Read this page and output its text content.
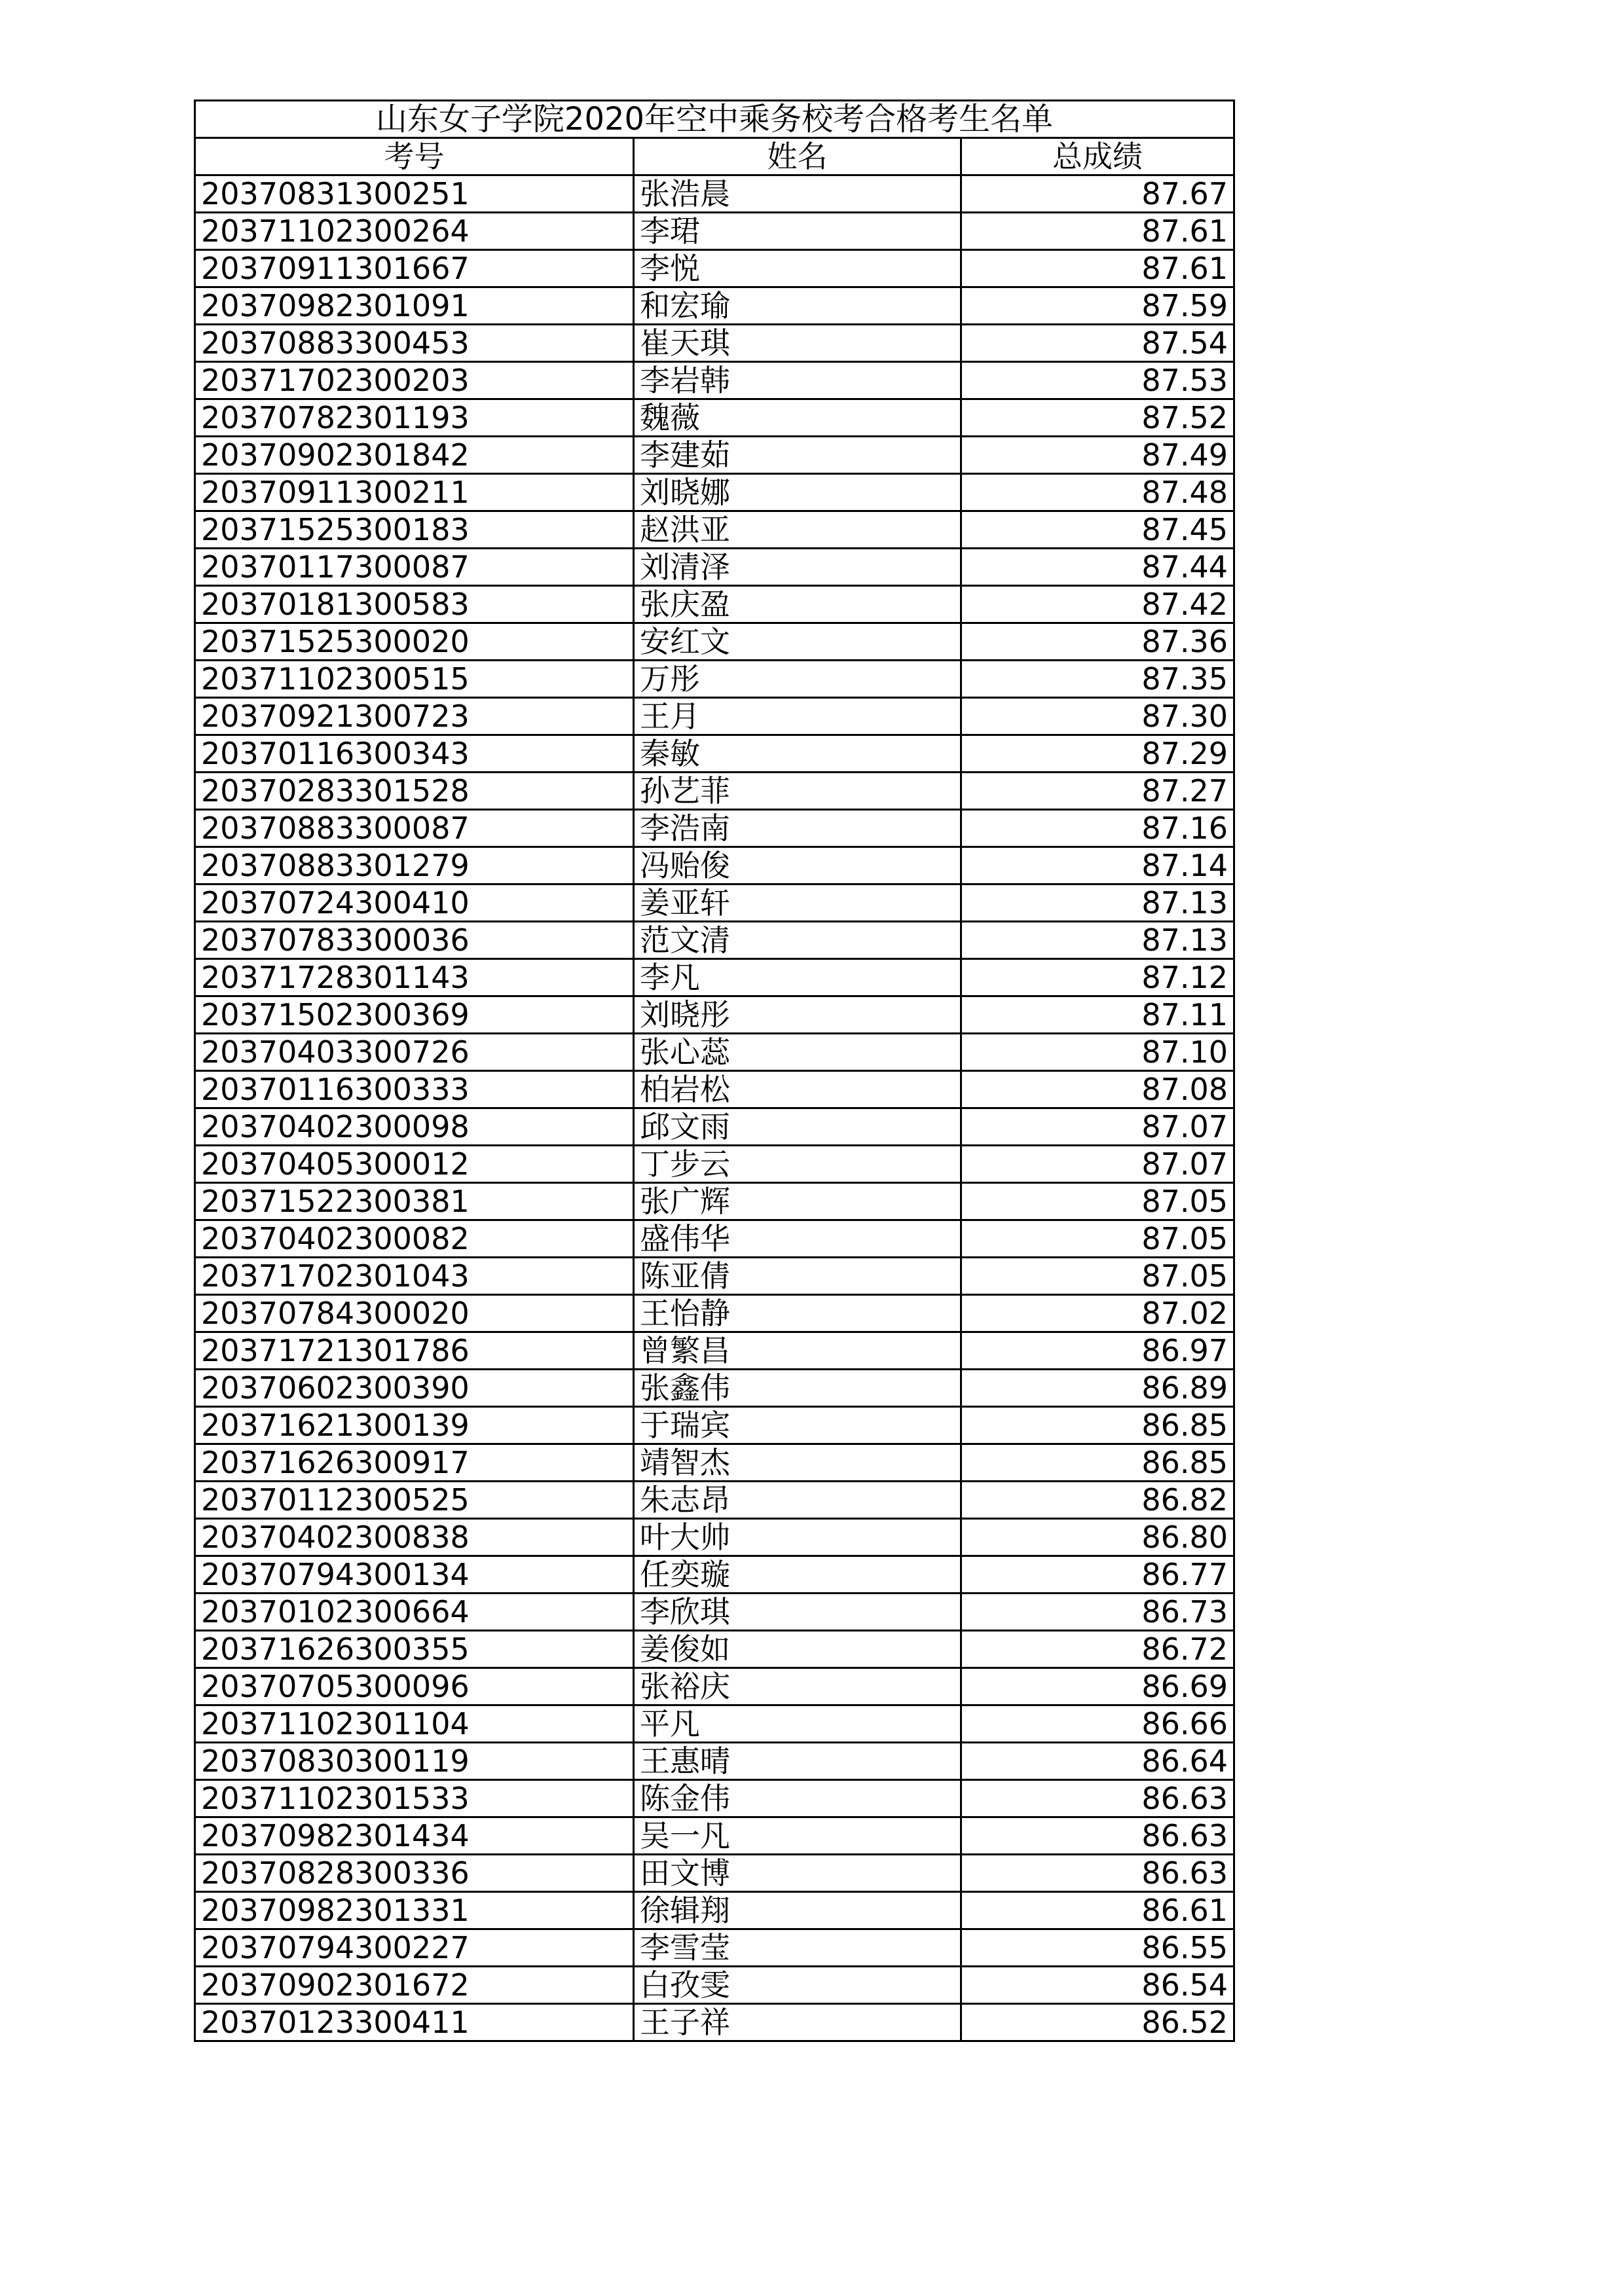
山东女子学院2020年空中乘务校考合格考生名单		
考号	姓名	总成绩
20370831300251	张浩晨	87.67
20371102300264	李珺	87.61
20370911301667	李悦	87.61
20370982301091	和宏瑜	87.59
20370883300453	崔天琪	87.54
20371702300203	李岩韩	87.53
20370782301193	魏薇	87.52
20370902301842	李建茹	87.49
20370911300211	刘晓娜	87.48
20371525300183	赵洪亚	87.45
20370117300087	刘清泽	87.44
20370181300583	张庆盈	87.42
20371525300020	安红文	87.36
20371102300515	万彤	87.35
20370921300723	王月	87.30
20370116300343	秦敏	87.29
20370283301528	孙艺菲	87.27
20370883300087	李浩南	87.16
20370883301279	冯贻俊	87.14
20370724300410	姜亚轩	87.13
20370783300036	范文清	87.13
20371728301143	李凡	87.12
20371502300369	刘晓彤	87.11
20370403300726	张心蕊	87.10
20370116300333	柏岩松	87.08
20370402300098	邱文雨	87.07
20370405300012	丁步云	87.07
20371522300381	张广辉	87.05
20370402300082	盛伟华	87.05
20371702301043	陈亚倩	87.05
20370784300020	王怡静	87.02
20371721301786	曾繁昌	86.97
20370602300390	张鑫伟	86.89
20371621300139	于瑞宾	86.85
20371626300917	靖智杰	86.85
20370112300525	朱志昂	86.82
20370402300838	叶大帅	86.80
20370794300134	任奕璇	86.77
20370102300664	李欣琪	86.73
20371626300355	姜俊如	86.72
20370705300096	张裕庆	86.69
20371102301104	平凡	86.66
20370830300119	王惠晴	86.64
20371102301533	陈金伟	86.63
20370982301434	吴一凡	86.63
20370828300336	田文博	86.63
20370982301331	徐辑翔	86.61
20370794300227	李雪莹	86.55
20370902301672	白孜雯	86.54
20370123300411	王子祥	86.52
